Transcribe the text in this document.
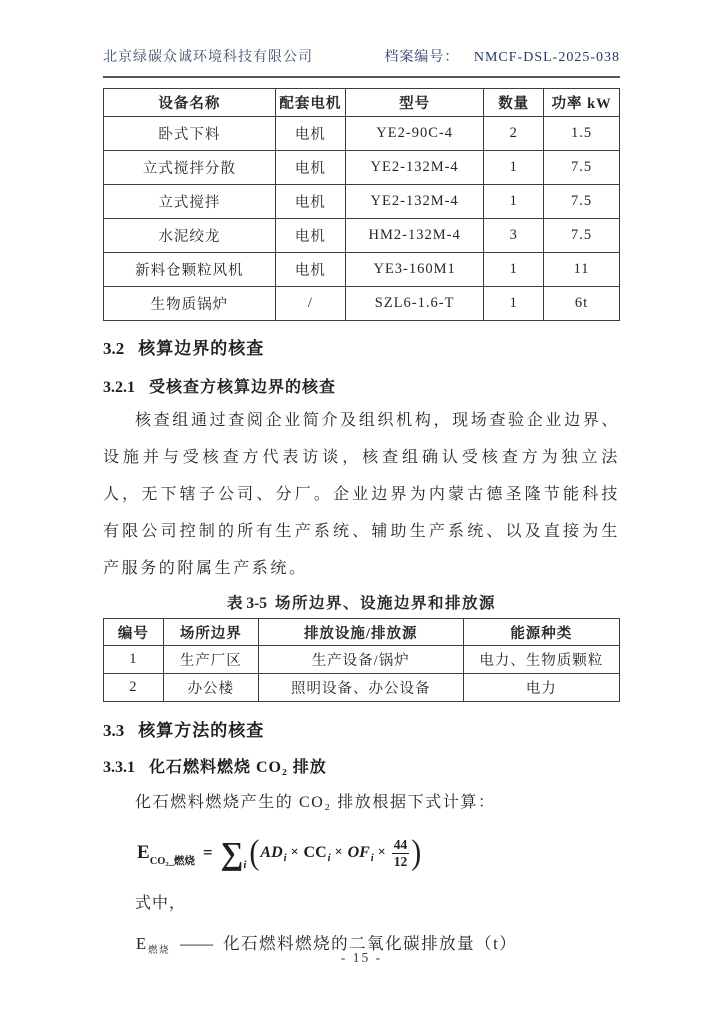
北京绿碳众诚环境科技有限公司	档案编号： NMCF-DSL-2025-038
设备名称	配套电机	型号	数量	功率 kW
卧式下料	电机	YE2-90C-4	2	1.5
立式搅拌分散	电机	YE2-132M-4	1	7.5
立式搅拌	电机	YE2-132M-4	1	7.5
水泥绞龙	电机	HM2-132M-4	3	7.5
新料仓颗粒风机	电机	YE3-160M1	1	11
生物质锅炉	/	SZL6-1.6-T	1	6t

3.2 核算边界的核查

3.2.1 受核查方核算边界的核查

核查组通过查阅企业简介及组织机构，现场查验企业边界、设施并与受核查方代表访谈，核查组确认受核查方为独立法人，无下辖子公司、分厂。企业边界为内蒙古德圣隆节能科技有限公司控制的所有生产系统、辅助生产系统、以及直接为生产服务的附属生产系统。

表 3-5 场所边界、设施边界和排放源

编号	场所边界	排放设施/排放源	能源种类
1	生产厂区	生产设备/锅炉	电力、生物质颗粒
2	办公楼	照明设备、办公设备	电力

3.3 核算方法的核查

3.3.1 化石燃料燃烧 CO₂ 排放

化石燃料燃烧产生的 CO₂ 排放根据下式计算：

E CO₂_燃烧 = ∑ i ( AD i × CC i × OF $i \times \frac{44}{12}$ )

式中，

E $_{燃烧}$ —— 化石燃料燃烧的二氧化碳排放量（t）

- 15 -
